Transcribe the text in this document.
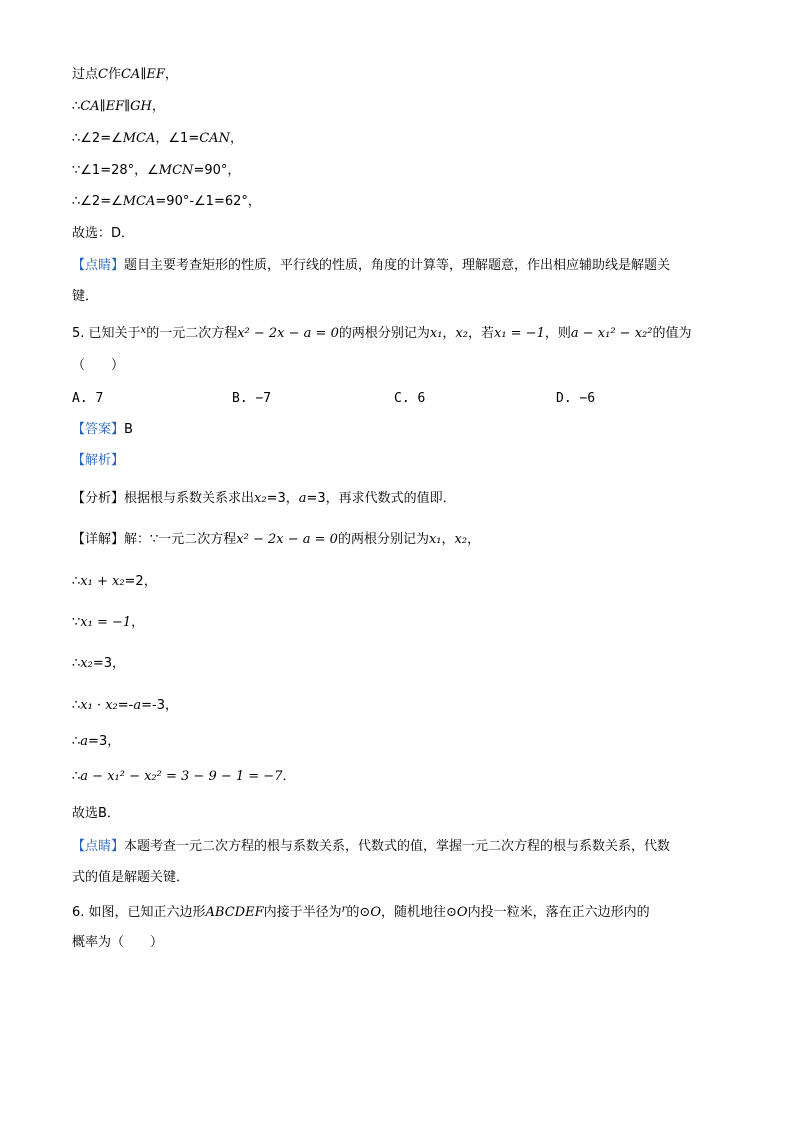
过点C作CA∥EF，
∴CA∥EF∥GH，
∴∠2=∠MCA，∠1=CAN，
∵∠1=28°，∠MCN=90°，
∴∠2=∠MCA=90°-∠1=62°，
故选：D．
【点睛】题目主要考查矩形的性质，平行线的性质，角度的计算等，理解题意，作出相应辅助线是解题关
键．
5. 已知关于$^x$的一元二次方程x² − 2x − a = 0的两根分别记为x₁，x₂，若x₁ = −1，则a − x₁² − x₂²的值为
（　　）
A. 7	B. −7	C. 6	D. −6
【答案】B
【解析】
【分析】根据根与系数关系求出x₂=3，a=3，再求代数式的值即．
【详解】解：∵一元二次方程x² − 2x − a = 0的两根分别记为x₁，x₂，
∴x₁ + x₂=2，
∵x₁ = −1，
∴x₂=3，
∴x₁ · x₂=-a=-3，
∴a=3，
∴a − x₁² − x₂² = 3 − 9 − 1 = −7．
故选B．
【点睛】本题考查一元二次方程的根与系数关系，代数式的值，掌握一元二次方程的根与系数关系，代数
式的值是解题关键．
6. 如图，已知正六边形ABCDEF内接于半径为$^r$的⊙O，随机地往⊙O内投一粒米，落在正六边形内的
概率为（　　）
